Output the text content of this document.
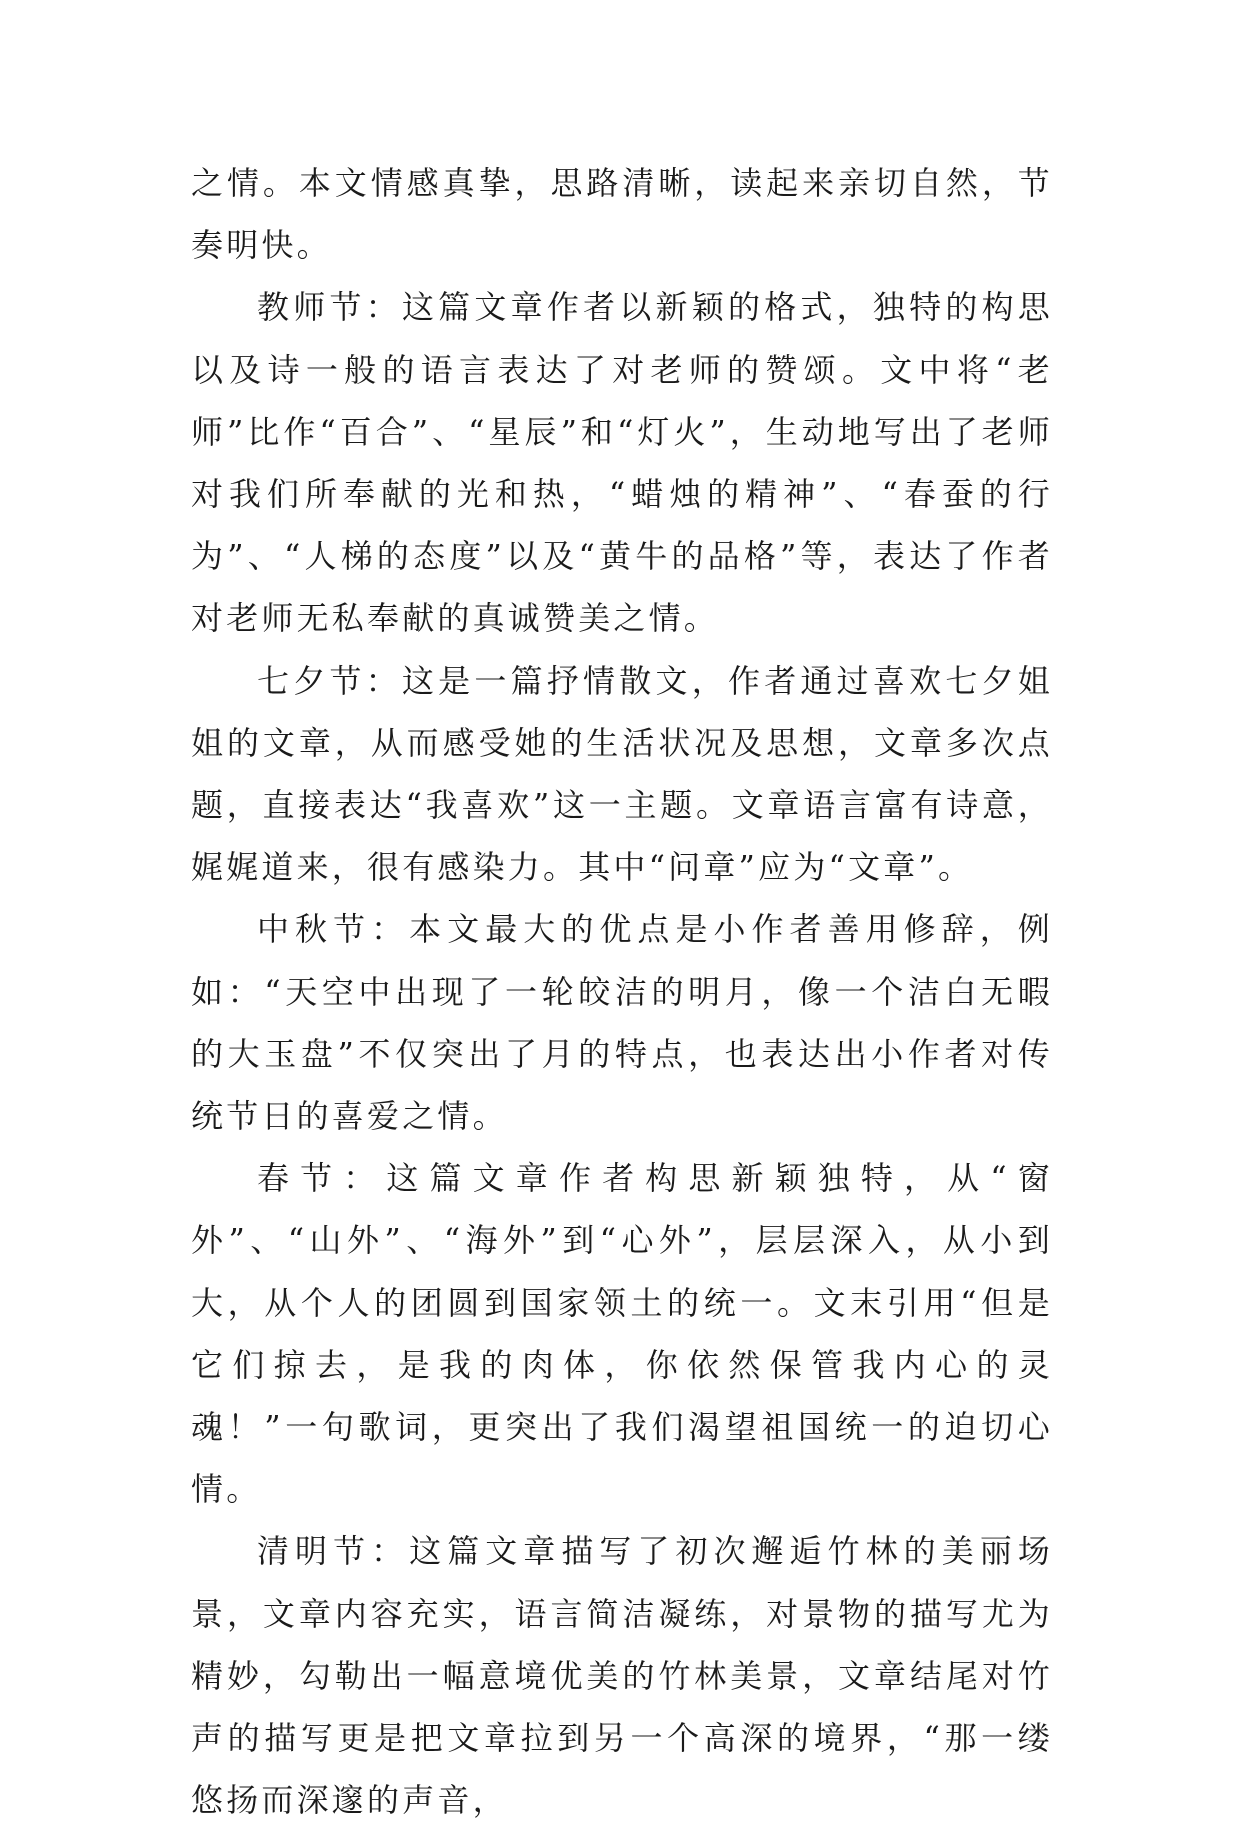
之情。本文情感真挚，思路清晰，读起来亲切自然，节奏明快。

教师节：这篇文章作者以新颖的格式，独特的构思以及诗一般的语言表达了对老师的赞颂。文中将“老师”比作“百合”、“星辰”和“灯火”，生动地写出了老师对我们所奉献的光和热，“蜡烛的精神”、“春蚕的行为”、“人梯的态度”以及“黄牛的品格”等，表达了作者对老师无私奉献的真诚赞美之情。

七夕节：这是一篇抒情散文，作者通过喜欢七夕姐姐的文章，从而感受她的生活状况及思想，文章多次点题，直接表达“我喜欢”这一主题。文章语言富有诗意，娓娓道来，很有感染力。其中“问章”应为“文章”。

中秋节：本文最大的优点是小作者善用修辞，例如：“天空中出现了一轮皎洁的明月，像一个洁白无暇的大玉盘”不仅突出了月的特点，也表达出小作者对传统节日的喜爱之情。

春节：这篇文章作者构思新颖独特，从“窗外”、“山外”、“海外”到“心外”，层层深入，从小到大，从个人的团圆到国家领土的统一。文末引用“但是它们掠去，是我的肉体，你依然保管我内心的灵魂！”一句歌词，更突出了我们渴望祖国统一的迫切心情。

清明节：这篇文章描写了初次邂逅竹林的美丽场景，文章内容充实，语言简洁凝练，对景物的描写尤为精妙，勾勒出一幅意境优美的竹林美景，文章结尾对竹声的描写更是把文章拉到另一个高深的境界，“那一缕悠扬而深邃的声音，
